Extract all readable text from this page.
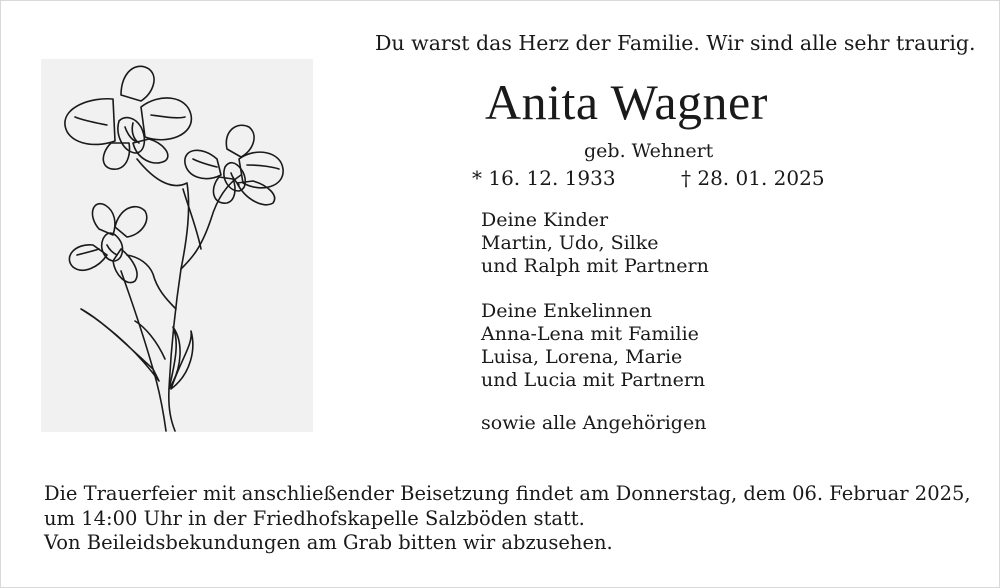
Du warst das Herz der Familie. Wir sind alle sehr traurig.
Anita Wagner
geb. Wehnert
* 16. 12. 1933	† 28. 01. 2025
Deine Kinder
Martin, Udo, Silke
und Ralph mit Partnern
Deine Enkelinnen
Anna-Lena mit Familie
Luisa, Lorena, Marie
und Lucia mit Partnern
sowie alle Angehörigen
Die Trauerfeier mit anschließender Beisetzung findet am Donnerstag, dem 06. Februar 2025,
um 14:00 Uhr in der Friedhofskapelle Salzböden statt.
Von Beileidsbekundungen am Grab bitten wir abzusehen.
